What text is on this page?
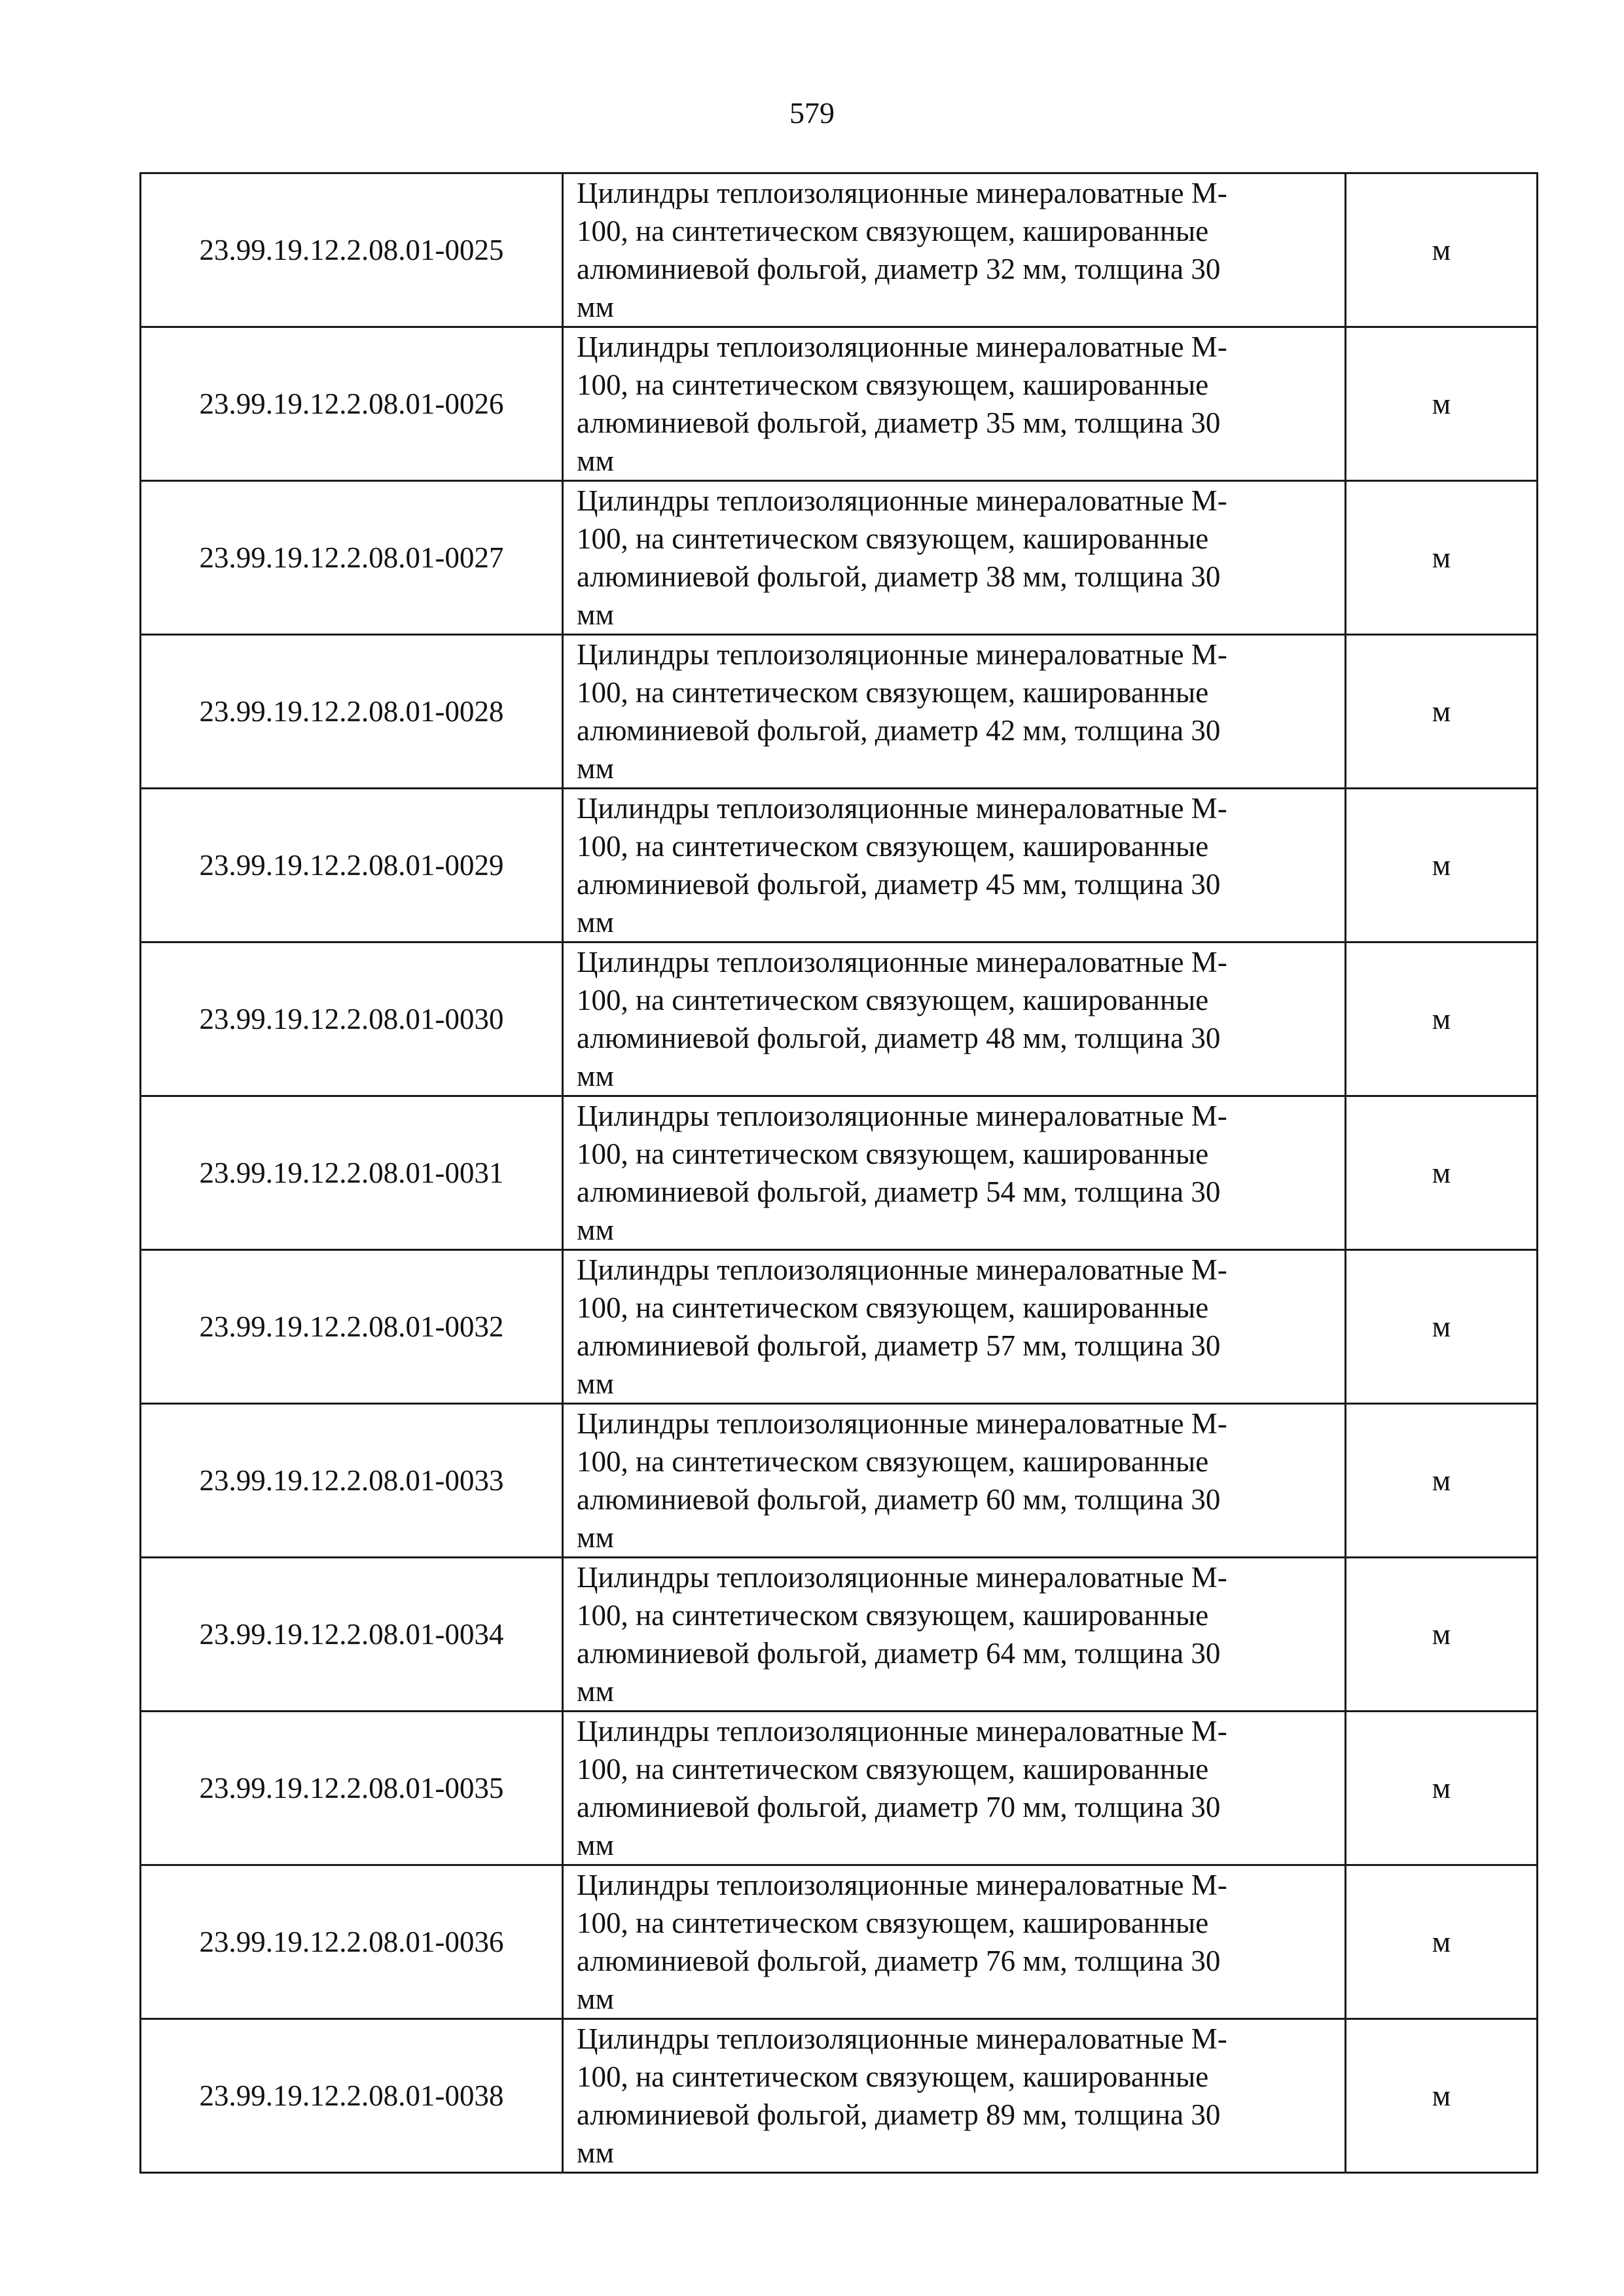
579
23.99.19.12.2.08.01-0025	Цилиндры теплоизоляционные минераловатные М-
100, на синтетическом связующем, кашированные
алюминиевой фольгой, диаметр 32 мм, толщина 30
мм	м
23.99.19.12.2.08.01-0026	Цилиндры теплоизоляционные минераловатные М-
100, на синтетическом связующем, кашированные
алюминиевой фольгой, диаметр 35 мм, толщина 30
мм	м
23.99.19.12.2.08.01-0027	Цилиндры теплоизоляционные минераловатные М-
100, на синтетическом связующем, кашированные
алюминиевой фольгой, диаметр 38 мм, толщина 30
мм	м
23.99.19.12.2.08.01-0028	Цилиндры теплоизоляционные минераловатные М-
100, на синтетическом связующем, кашированные
алюминиевой фольгой, диаметр 42 мм, толщина 30
мм	м
23.99.19.12.2.08.01-0029	Цилиндры теплоизоляционные минераловатные М-
100, на синтетическом связующем, кашированные
алюминиевой фольгой, диаметр 45 мм, толщина 30
мм	м
23.99.19.12.2.08.01-0030	Цилиндры теплоизоляционные минераловатные М-
100, на синтетическом связующем, кашированные
алюминиевой фольгой, диаметр 48 мм, толщина 30
мм	м
23.99.19.12.2.08.01-0031	Цилиндры теплоизоляционные минераловатные М-
100, на синтетическом связующем, кашированные
алюминиевой фольгой, диаметр 54 мм, толщина 30
мм	м
23.99.19.12.2.08.01-0032	Цилиндры теплоизоляционные минераловатные М-
100, на синтетическом связующем, кашированные
алюминиевой фольгой, диаметр 57 мм, толщина 30
мм	м
23.99.19.12.2.08.01-0033	Цилиндры теплоизоляционные минераловатные М-
100, на синтетическом связующем, кашированные
алюминиевой фольгой, диаметр 60 мм, толщина 30
мм	м
23.99.19.12.2.08.01-0034	Цилиндры теплоизоляционные минераловатные М-
100, на синтетическом связующем, кашированные
алюминиевой фольгой, диаметр 64 мм, толщина 30
мм	м
23.99.19.12.2.08.01-0035	Цилиндры теплоизоляционные минераловатные М-
100, на синтетическом связующем, кашированные
алюминиевой фольгой, диаметр 70 мм, толщина 30
мм	м
23.99.19.12.2.08.01-0036	Цилиндры теплоизоляционные минераловатные М-
100, на синтетическом связующем, кашированные
алюминиевой фольгой, диаметр 76 мм, толщина 30
мм	м
23.99.19.12.2.08.01-0038	Цилиндры теплоизоляционные минераловатные М-
100, на синтетическом связующем, кашированные
алюминиевой фольгой, диаметр 89 мм, толщина 30
мм	м
